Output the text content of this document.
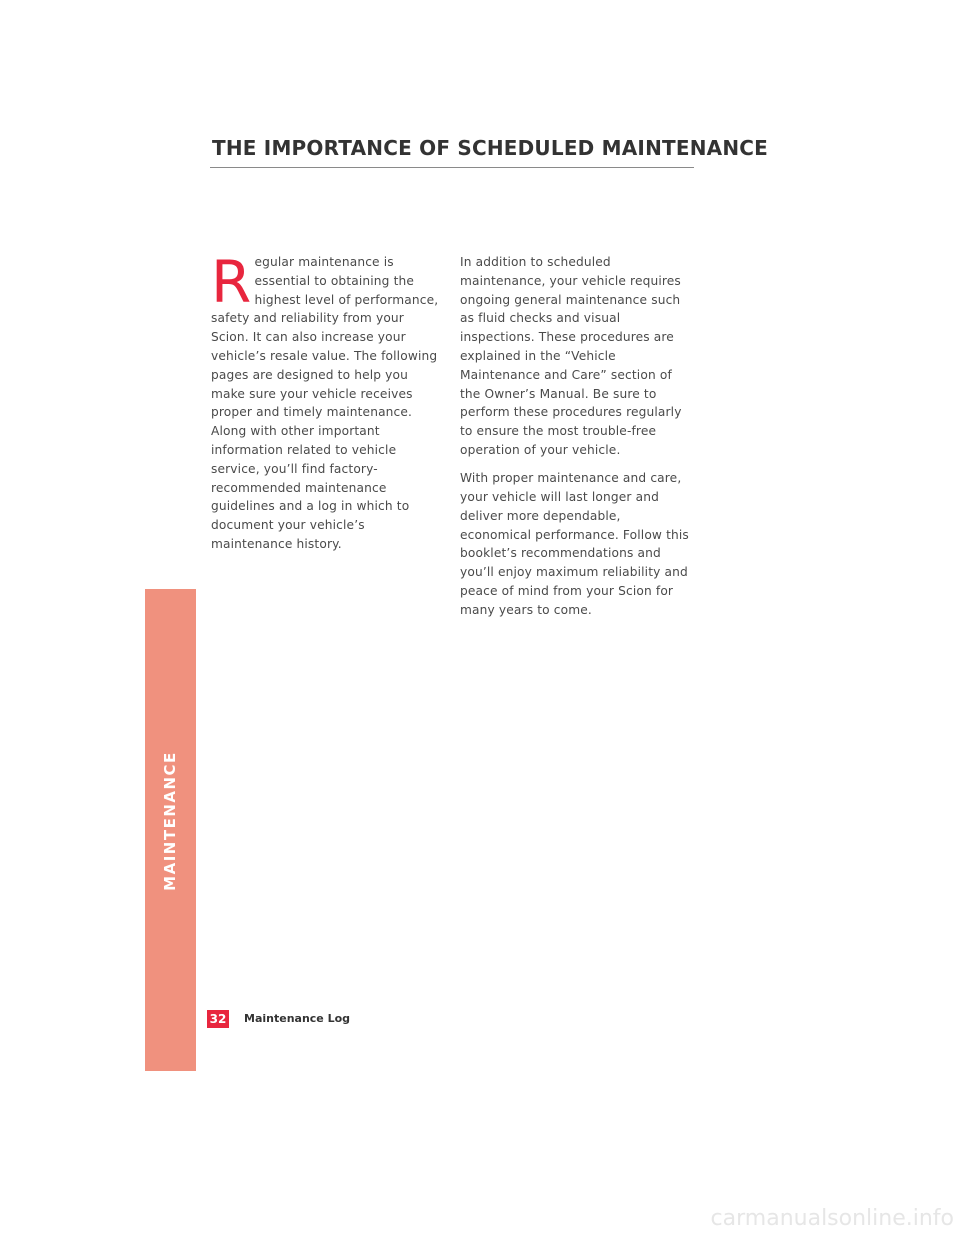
THE IMPORTANCE OF SCHEDULED MAINTENANCE

Regular maintenance is essential to obtaining the highest level of performance, safety and reliability from your Scion. It can also increase your vehicle’s resale value. The following pages are designed to help you make sure your vehicle receives proper and timely maintenance. Along with other important information related to vehicle service, you’ll find factory-recommended maintenance guidelines and a log in which to document your vehicle’s maintenance history.

In addition to scheduled maintenance, your vehicle requires ongoing general maintenance such as fluid checks and visual inspections. These procedures are explained in the “Vehicle Maintenance and Care” section of the Owner’s Manual. Be sure to perform these procedures regularly to ensure the most trouble-free operation of your vehicle.

With proper maintenance and care, your vehicle will last longer and deliver more dependable, economical performance. Follow this booklet’s recommendations and you’ll enjoy maximum reliability and peace of mind from your Scion for many years to come.

MAINTENANCE
32 Maintenance Log
carmanualsonline.info
